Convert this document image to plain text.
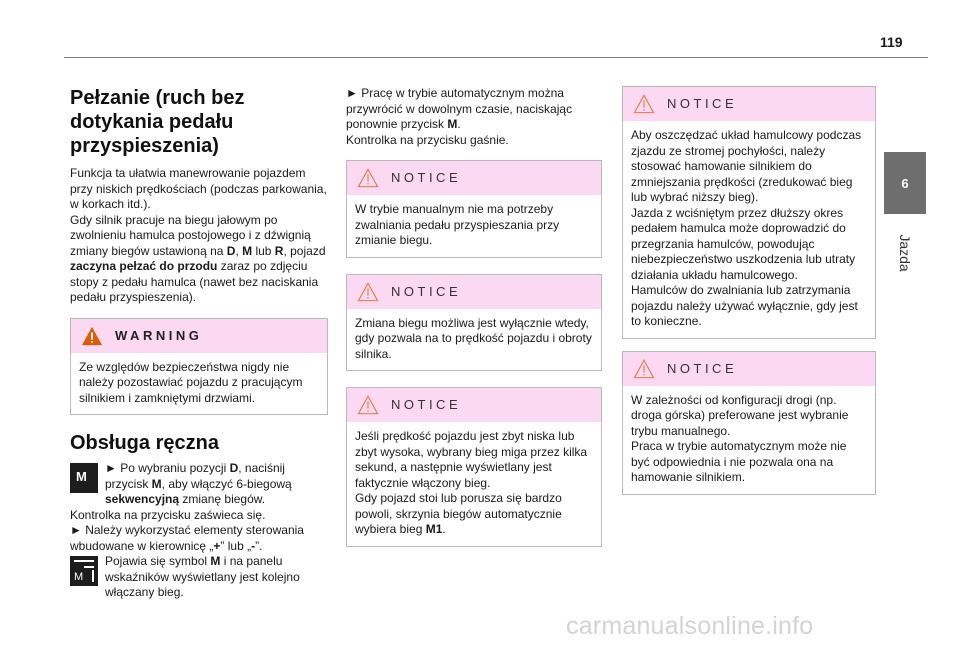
119
6
Jazda
Pełzanie (ruch bez dotykania pedału przyspieszenia)

Funkcja ta ułatwia manewrowanie pojazdem przy niskich prędkościach (podczas parkowania, w korkach itd.).

Gdy silnik pracuje na biegu jałowym po zwolnieniu hamulca postojowego i z dźwignią zmiany biegów ustawioną na D, M lub R, pojazd zaczyna pełzać do przodu zaraz po zdjęciu stopy z pedału hamulca (nawet bez naciskania pedału przyspieszenia).

WARNING
Ze względów bezpieczeństwa nigdy nie należy pozostawiać pojazdu z pracującym silnikiem i zamkniętymi drzwiami.
Obsługa ręczna
M

► Po wybraniu pozycji D, naciśnij przycisk M, aby włączyć 6-biegową sekwencyjną zmianę biegów.

Kontrolka na przycisku zaświeca się.

► Należy wykorzystać elementy sterowania wbudowane w kierownicę „+” lub „-”.

M

Pojawia się symbol M i na panelu wskaźników wyświetlany jest kolejno włączany bieg.

► Pracę w trybie automatycznym można przywrócić w dowolnym czasie, naciskając ponownie przycisk M.

Kontrolka na przycisku gaśnie.

NOTICE
W trybie manualnym nie ma potrzeby zwalniania pedału przyspieszania przy zmianie biegu.
NOTICE
Zmiana biegu możliwa jest wyłącznie wtedy, gdy pozwala na to prędkość pojazdu i obroty silnika.
NOTICE

Jeśli prędkość pojazdu jest zbyt niska lub zbyt wysoka, wybrany bieg miga przez kilka sekund, a następnie wyświetlany jest faktycznie włączony bieg.

Gdy pojazd stoi lub porusza się bardzo powoli, skrzynia biegów automatycznie wybiera bieg M1.

NOTICE

Aby oszczędzać układ hamulcowy podczas zjazdu ze stromej pochyłości, należy stosować hamowanie silnikiem do zmniejszania prędkości (zredukować bieg lub wybrać niższy bieg).

Jazda z wciśniętym przez dłuższy okres pedałem hamulca może doprowadzić do przegrzania hamulców, powodując niebezpieczeństwo uszkodzenia lub utraty działania układu hamulcowego.

Hamulców do zwalniania lub zatrzymania pojazdu należy używać wyłącznie, gdy jest to konieczne.

NOTICE

W zależności od konfiguracji drogi (np. droga górska) preferowane jest wybranie trybu manualnego.

Praca w trybie automatycznym może nie być odpowiednia i nie pozwala ona na hamowanie silnikiem.

carmanualsonline.info
